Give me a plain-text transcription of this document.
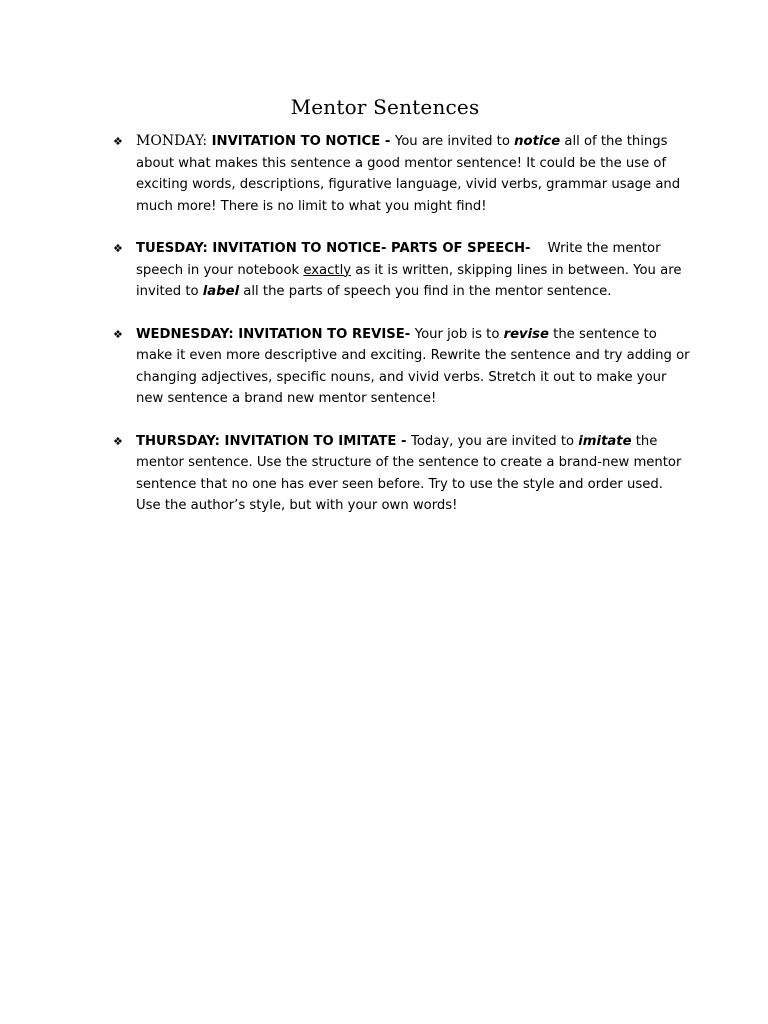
Mentor Sentences
❖ MONDAY: INVITATION TO NOTICE - You are invited to notice all of the things about what makes this sentence a good mentor sentence! It could be the use of exciting words, descriptions, figurative language, vivid verbs, grammar usage and much more! There is no limit to what you might find!
❖ TUESDAY: INVITATION TO NOTICE- PARTS OF SPEECH-    Write the mentor speech in your notebook exactly as it is written, skipping lines in between. You are invited to label all the parts of speech you find in the mentor sentence.
❖ WEDNESDAY: INVITATION TO REVISE- Your job is to revise the sentence to make it even more descriptive and exciting. Rewrite the sentence and try adding or changing adjectives, specific nouns, and vivid verbs. Stretch it out to make your new sentence a brand new mentor sentence!
❖ THURSDAY: INVITATION TO IMITATE - Today, you are invited to imitate the mentor sentence. Use the structure of the sentence to create a brand-new mentor sentence that no one has ever seen before. Try to use the style and order used. Use the author’s style, but with your own words!
